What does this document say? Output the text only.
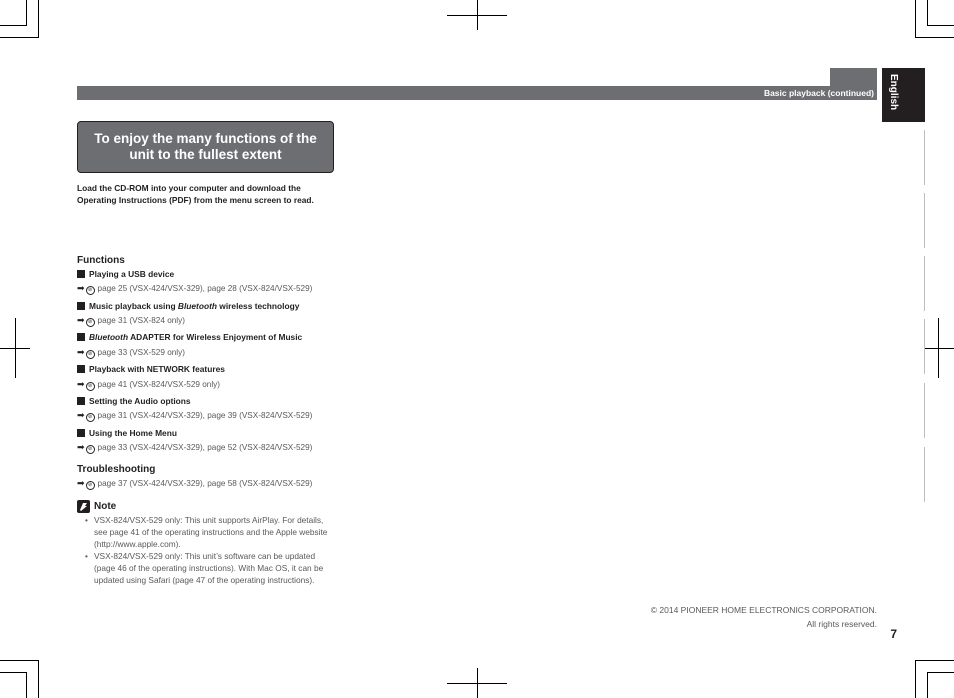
Basic playback (continued) English
To enjoy the many functions of the unit to the fullest extent
Load the CD-ROM into your computer and download the Operating Instructions (PDF) from the menu screen to read.
Functions
Playing a USB device
➡ ⊘ page 25 (VSX-424/VSX-329), page 28 (VSX-824/VSX-529)
Music playback using Bluetooth wireless technology
➡ ⊘ page 31 (VSX-824 only)
Bluetooth ADAPTER for Wireless Enjoyment of Music
➡ ⊘ page 33 (VSX-529 only)
Playback with NETWORK features
➡ ⊘ page 41 (VSX-824/VSX-529 only)
Setting the Audio options
➡ ⊘ page 31 (VSX-424/VSX-329), page 39 (VSX-824/VSX-529)
Using the Home Menu
➡ ⊘ page 33 (VSX-424/VSX-329), page 52 (VSX-824/VSX-529)
Troubleshooting
➡ ⊘ page 37 (VSX-424/VSX-329), page 58 (VSX-824/VSX-529)
Note
• VSX-824/VSX-529 only: This unit supports AirPlay. For details, see page 41 of the operating instructions and the Apple website (http://www.apple.com).
• VSX-824/VSX-529 only: This unit’s software can be updated (page 46 of the operating instructions). With Mac OS, it can be updated using Safari (page 47 of the operating instructions).
© 2014 PIONEER HOME ELECTRONICS CORPORATION.
All rights reserved.
7
